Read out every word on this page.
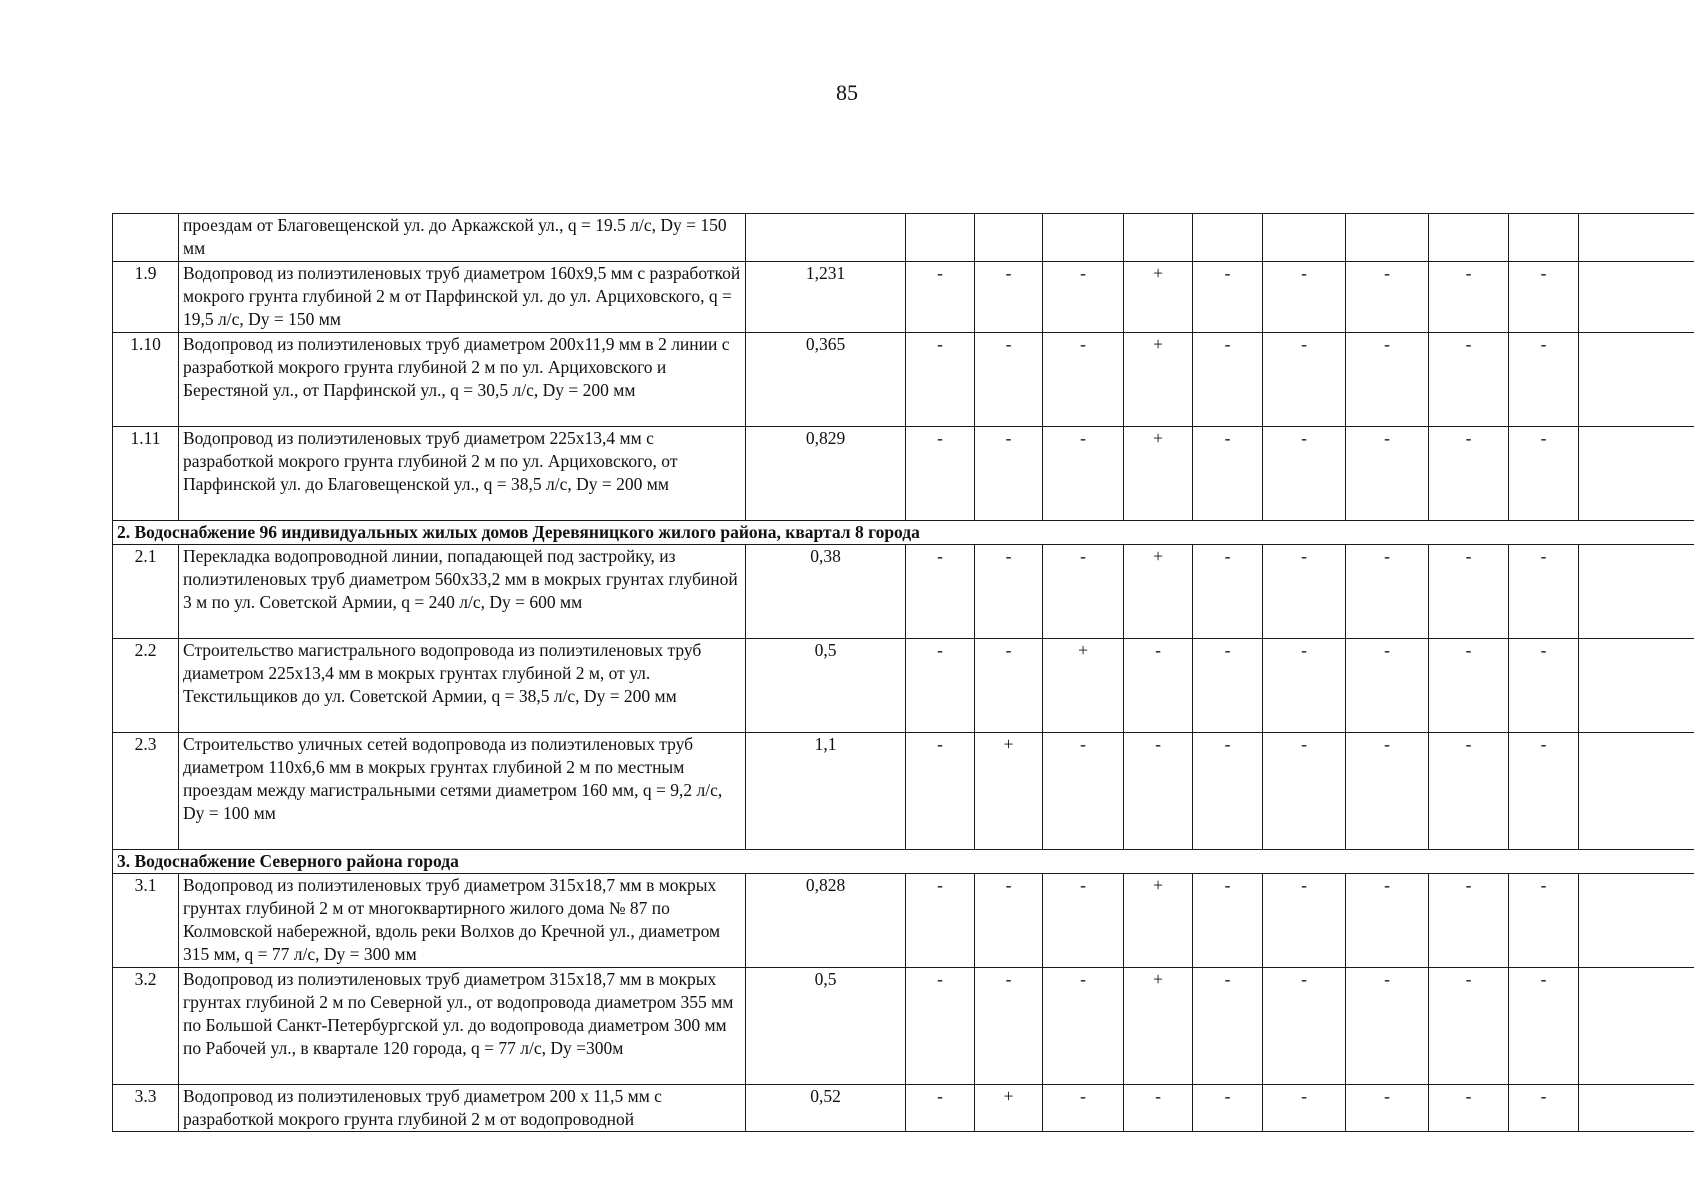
85
	проездам от Благовещенской ул. до Аркажской ул., q = 19.5 л/с, Dy = 150 мм											
1.9	Водопровод из полиэтиленовых труб диаметром 160х9,5 мм с разработкой мокрого грунта глубиной 2 м от Парфинской ул. до ул. Арциховского, q = 19,5 л/с, Dy = 150 мм	1,231	-	-	-	+	-	-	-	-	-	
1.10	Водопровод из полиэтиленовых труб диаметром 200х11,9 мм в 2 линии с разработкой мокрого грунта глубиной 2 м по ул. Арциховского и Берестяной ул., от Парфинской ул., q = 30,5 л/с, Dy = 200 мм	0,365	-	-	-	+	-	-	-	-	-	
1.11	Водопровод из полиэтиленовых труб диаметром 225х13,4 мм с разработкой мокрого грунта глубиной 2 м по ул. Арциховского, от Парфинской ул. до Благовещенской ул., q = 38,5 л/с, Dy = 200 мм	0,829	-	-	-	+	-	-	-	-	-	
2. Водоснабжение 96 индивидуальных жилых домов Деревяницкого жилого района, квартал 8 города												
2.1	Перекладка водопроводной линии, попадающей под застройку, из полиэтиленовых труб диаметром 560х33,2 мм в мокрых грунтах глубиной 3 м по ул. Советской Армии, q = 240 л/с, Dy = 600 мм	0,38	-	-	-	+	-	-	-	-	-	
2.2	Строительство магистрального водопровода из полиэтиленовых труб диаметром 225х13,4 мм в мокрых грунтах глубиной 2 м, от ул. Текстильщиков до ул. Советской Армии, q = 38,5 л/с, Dy = 200 мм	0,5	-	-	+	-	-	-	-	-	-	
2.3	Строительство уличных сетей водопровода из полиэтиленовых труб диаметром 110х6,6 мм в мокрых грунтах глубиной 2 м по местным проездам между магистральными сетями диаметром 160 мм, q = 9,2 л/с, Dy = 100 мм	1,1	-	+	-	-	-	-	-	-	-	
3. Водоснабжение Северного района города												
3.1	Водопровод из полиэтиленовых труб диаметром 315х18,7 мм в мокрых грунтах глубиной 2 м от многоквартирного жилого дома № 87 по Колмовской набережной, вдоль реки Волхов до Кречной ул., диаметром 315 мм, q = 77 л/с, Dy = 300 мм	0,828	-	-	-	+	-	-	-	-	-	
3.2	Водопровод из полиэтиленовых труб диаметром 315х18,7 мм в мокрых грунтах глубиной 2 м по Северной ул., от водопровода диаметром 355 мм по Большой Санкт-Петербургской ул. до водопровода диаметром 300 мм по Рабочей ул., в квартале 120 города, q = 77 л/с, Dy =300м	0,5	-	-	-	+	-	-	-	-	-	
3.3	Водопровод из полиэтиленовых труб диаметром 200 х 11,5 мм с разработкой мокрого грунта глубиной 2 м от водопроводной	0,52	-	+	-	-	-	-	-	-	-	
